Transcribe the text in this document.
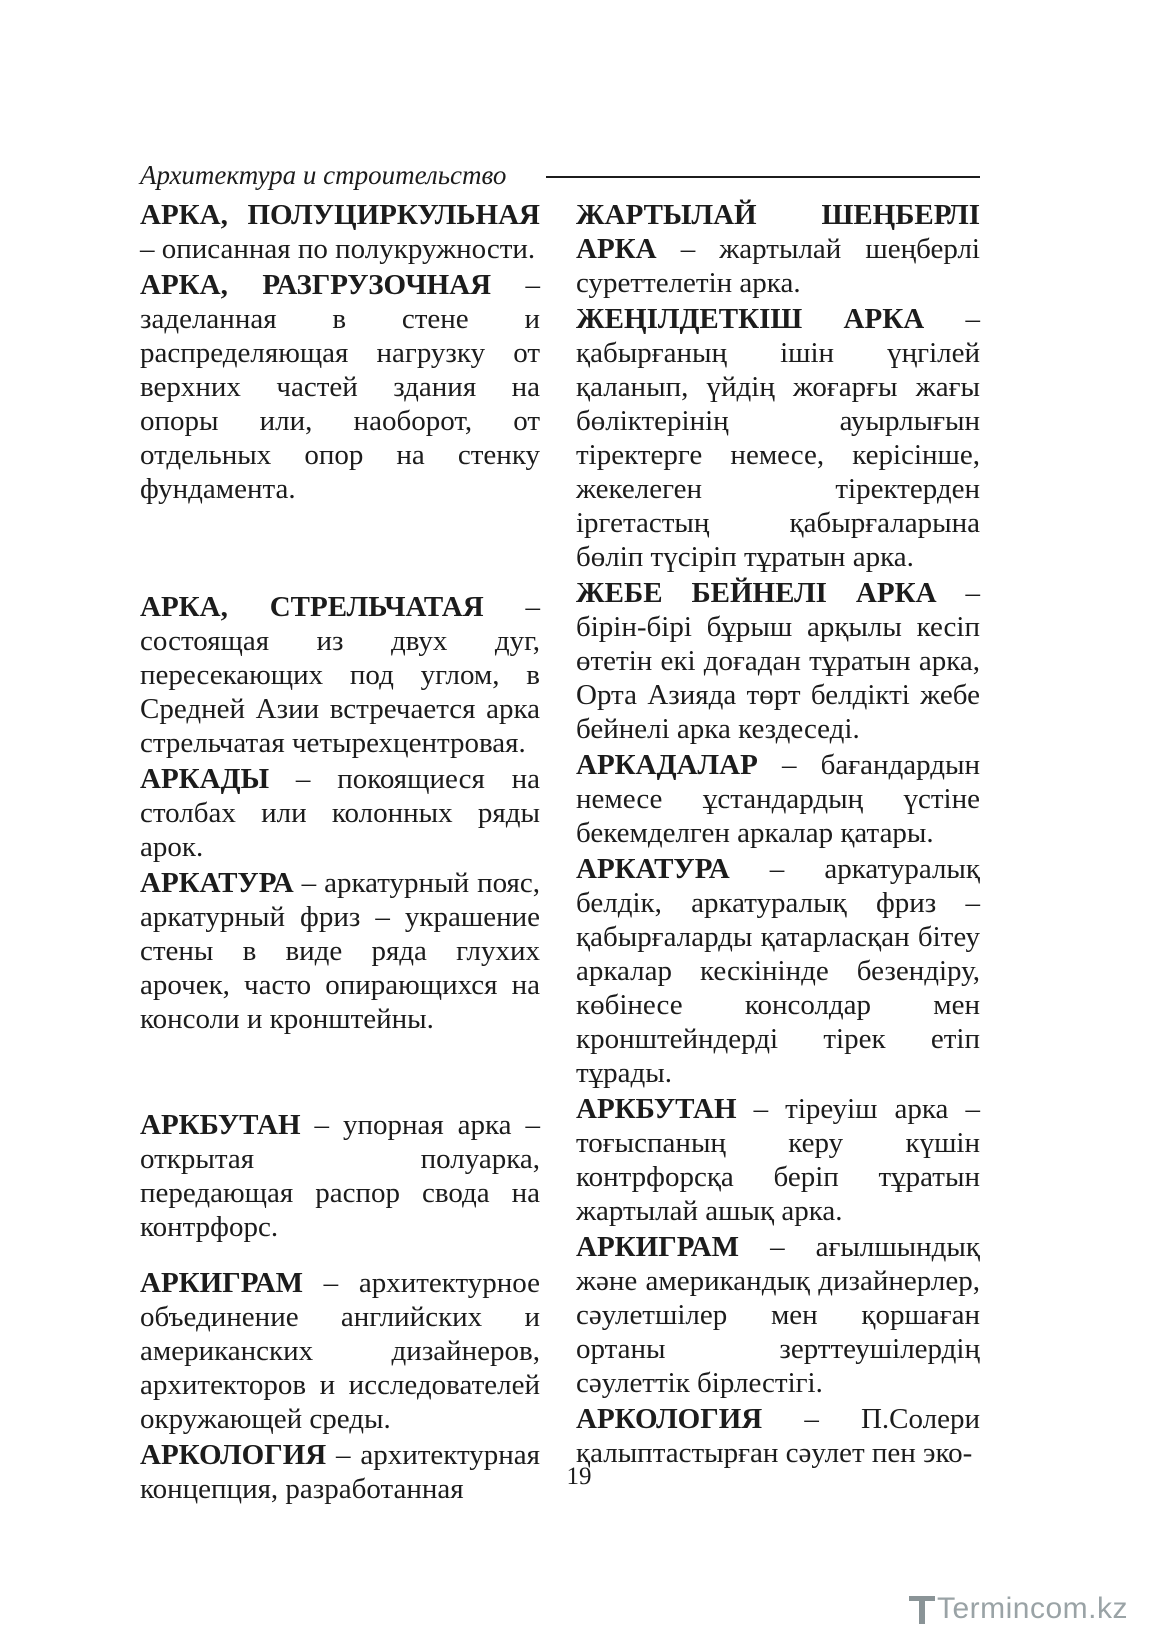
Архитектура и строительство

АРКА, ПОЛУЦИРКУЛЬНАЯ – описанная по полукружности.

АРКА, РАЗГРУЗОЧНАЯ – заделанная в стене и распределяющая нагрузку от верхних частей здания на опоры или, наоборот, от отдельных опор на стенку фундамента.

АРКА, СТРЕЛЬЧАТАЯ – состоящая из двух дуг, пересекающих под углом, в Средней Азии встречается арка стрельчатая четырехцентровая.

АРКАДЫ – покоящиеся на столбах или колонных ряды арок.

АРКАТУРА – аркатурный пояс, аркатурный фриз – украшение стены в виде ряда глухих арочек, часто опирающихся на консоли и кронштейны.

АРКБУТАН – упорная арка – открытая полуарка, передающая распор свода на контрфорс.

АРКИГРАМ – архитектурное объединение английских и американских дизайнеров, архитекторов и исследователей окружающей среды.

АРКОЛОГИЯ – архитектурная концепция, разработанная

ЖАРТЫЛАЙ ШЕҢБЕРЛІ АРКА – жартылай шеңберлі суреттелетін арка.

ЖЕҢІЛДЕТКІШ АРКА – қабырғаның ішін үңгілей қаланып, үйдің жоғарғы жағы бөліктерінің ауырлығын тіректерге немесе, керісінше, жекелеген тіректерден іргетастың қабырғаларына бөліп түсіріп тұратын арка.

ЖЕБЕ БЕЙНЕЛІ АРКА – бірін-бірі бұрыш арқылы кесіп өтетін екі доғадан тұратын арка, Орта Азияда төрт белдікті жебе бейнелі арка кездеседі.

АРКАДАЛАР – бағандардын немесе ұстандардың үстіне бекемделген аркалар қатары.

АРКАТУРА – аркатуралық белдік, аркатуралық фриз – қабырғаларды қатарласқан бітеу аркалар кескінінде безендіру, көбінесе консолдар мен кронштейндерді тірек етіп тұрады.

АРКБУТАН – тіреуіш арка – тоғыспаның керу күшін контрфорсқа беріп тұратын жартылай ашық арка.

АРКИГРАМ – ағылшындық және американдық дизайнерлер, сәулетшілер мен қоршаған ортаны зерттеушілердің сәулеттік бірлестігі.

АРКОЛОГИЯ – П.Солери қалыптастырған сәулет пен эко-

19
Termincom.kz
